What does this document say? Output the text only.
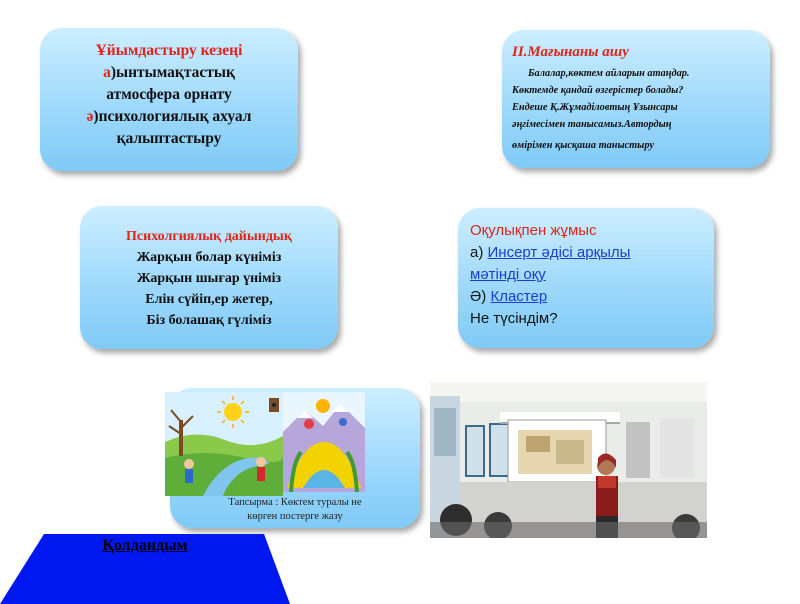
Ұйымдастыру кезеңі
а)ынтымақтастық
атмосфера орнату
ә)психологиялық ахуал
қалыптастыру
ІІ.Мағынаны ашу
Балалар,көктем айларын атаңдар.
Көктемде қандай өзгерістер болады?
Ендеше Қ.Жұмаділовтың Ұзынсары
әңгімесімен танысамыз.Автордың
өмірімен қысқаша таныстыру
Психолгиялық дайындық
Жарқын болар күніміз
Жарқын шығар үніміз
Елін сүйіп,ер жетер,
Біз болашақ гүліміз
Оқулықпен жұмыс
а) Инсерт әдісі арқылы
мәтінді оқу
Ә) Кластер
Не түсіндім?
Тапсырма : Көктем туралы не
көрген постерге жазу
Қолдандым
